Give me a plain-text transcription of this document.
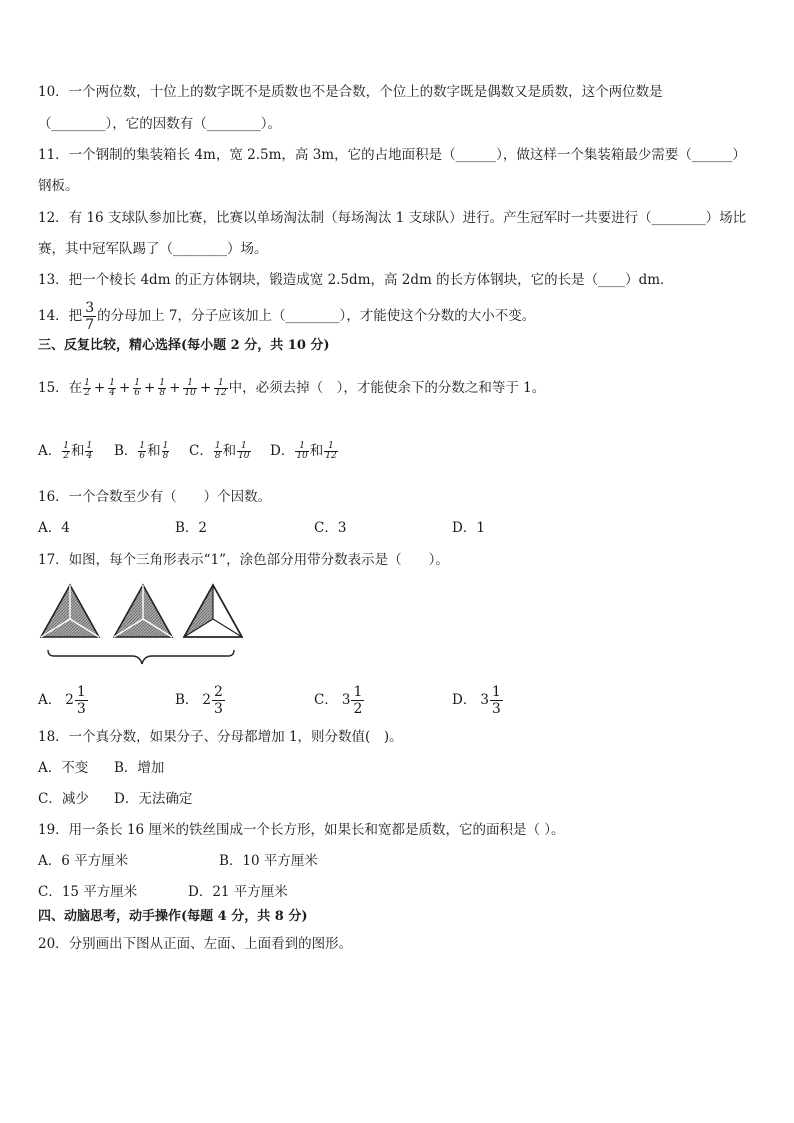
10．一个两位数，十位上的数字既不是质数也不是合数，个位上的数字既是偶数又是质数，这个两位数是
（________），它的因数有（________）。
11．一个钢制的集装箱长 4m，宽 2.5m，高 3m，它的占地面积是（______），做这样一个集装箱最少需要（______）
钢板。
12．有 16 支球队参加比赛，比赛以单场淘汰制（每场淘汰 1 支球队）进行。产生冠军时一共要进行（________）场比
赛，其中冠军队踢了（________）场。
13．把一个棱长 4dm 的正方体钢块，锻造成宽 2.5dm，高 2dm 的长方体钢块，它的长是（____）dm．
14．把 $\frac{3}{7}$ 的分母加上 7，分子应该加上（________），才能使这个分数的大小不变。
三、反复比较，精心选择(每小题 2 分，共 10 分)
15．在 $\frac{1}{2} + \frac{1}{4} + \frac{1}{6} + \frac{1}{8} + \frac{1}{10} + \frac{1}{12}$ 中，必须去掉（　），才能使余下的分数之和等于 1。
A． $\frac{1}{2}$ 和 $\frac{1}{4}$ B． $\frac{1}{6}$ 和 $\frac{1}{8}$ C． $\frac{1}{8}$ 和 $\frac{1}{10}$ D． $\frac{1}{10}$ 和 $\frac{1}{12}$
16．一个合数至少有（　　）个因数。
A．4	B．2	C．3	D．1
17．如图，每个三角形表示“1”，涂色部分用带分数表示是（　　）。
A． $2 \frac{1}{3}$	B． $2 \frac{2}{3}$	C． $3 \frac{1}{2}$	D． $3 \frac{1}{3}$
18．一个真分数，如果分子、分母都增加 1，则分数值(　)。
A．不变 B．增加
C．减少 D．无法确定
19．用一条长 16 厘米的铁丝围成一个长方形，如果长和宽都是质数，它的面积是（ ）。
A．6 平方厘米	B．10 平方厘米
C．15 平方厘米	D．21 平方厘米
四、动脑思考，动手操作(每题 4 分，共 8 分)
20．分别画出下图从正面、左面、上面看到的图形。
